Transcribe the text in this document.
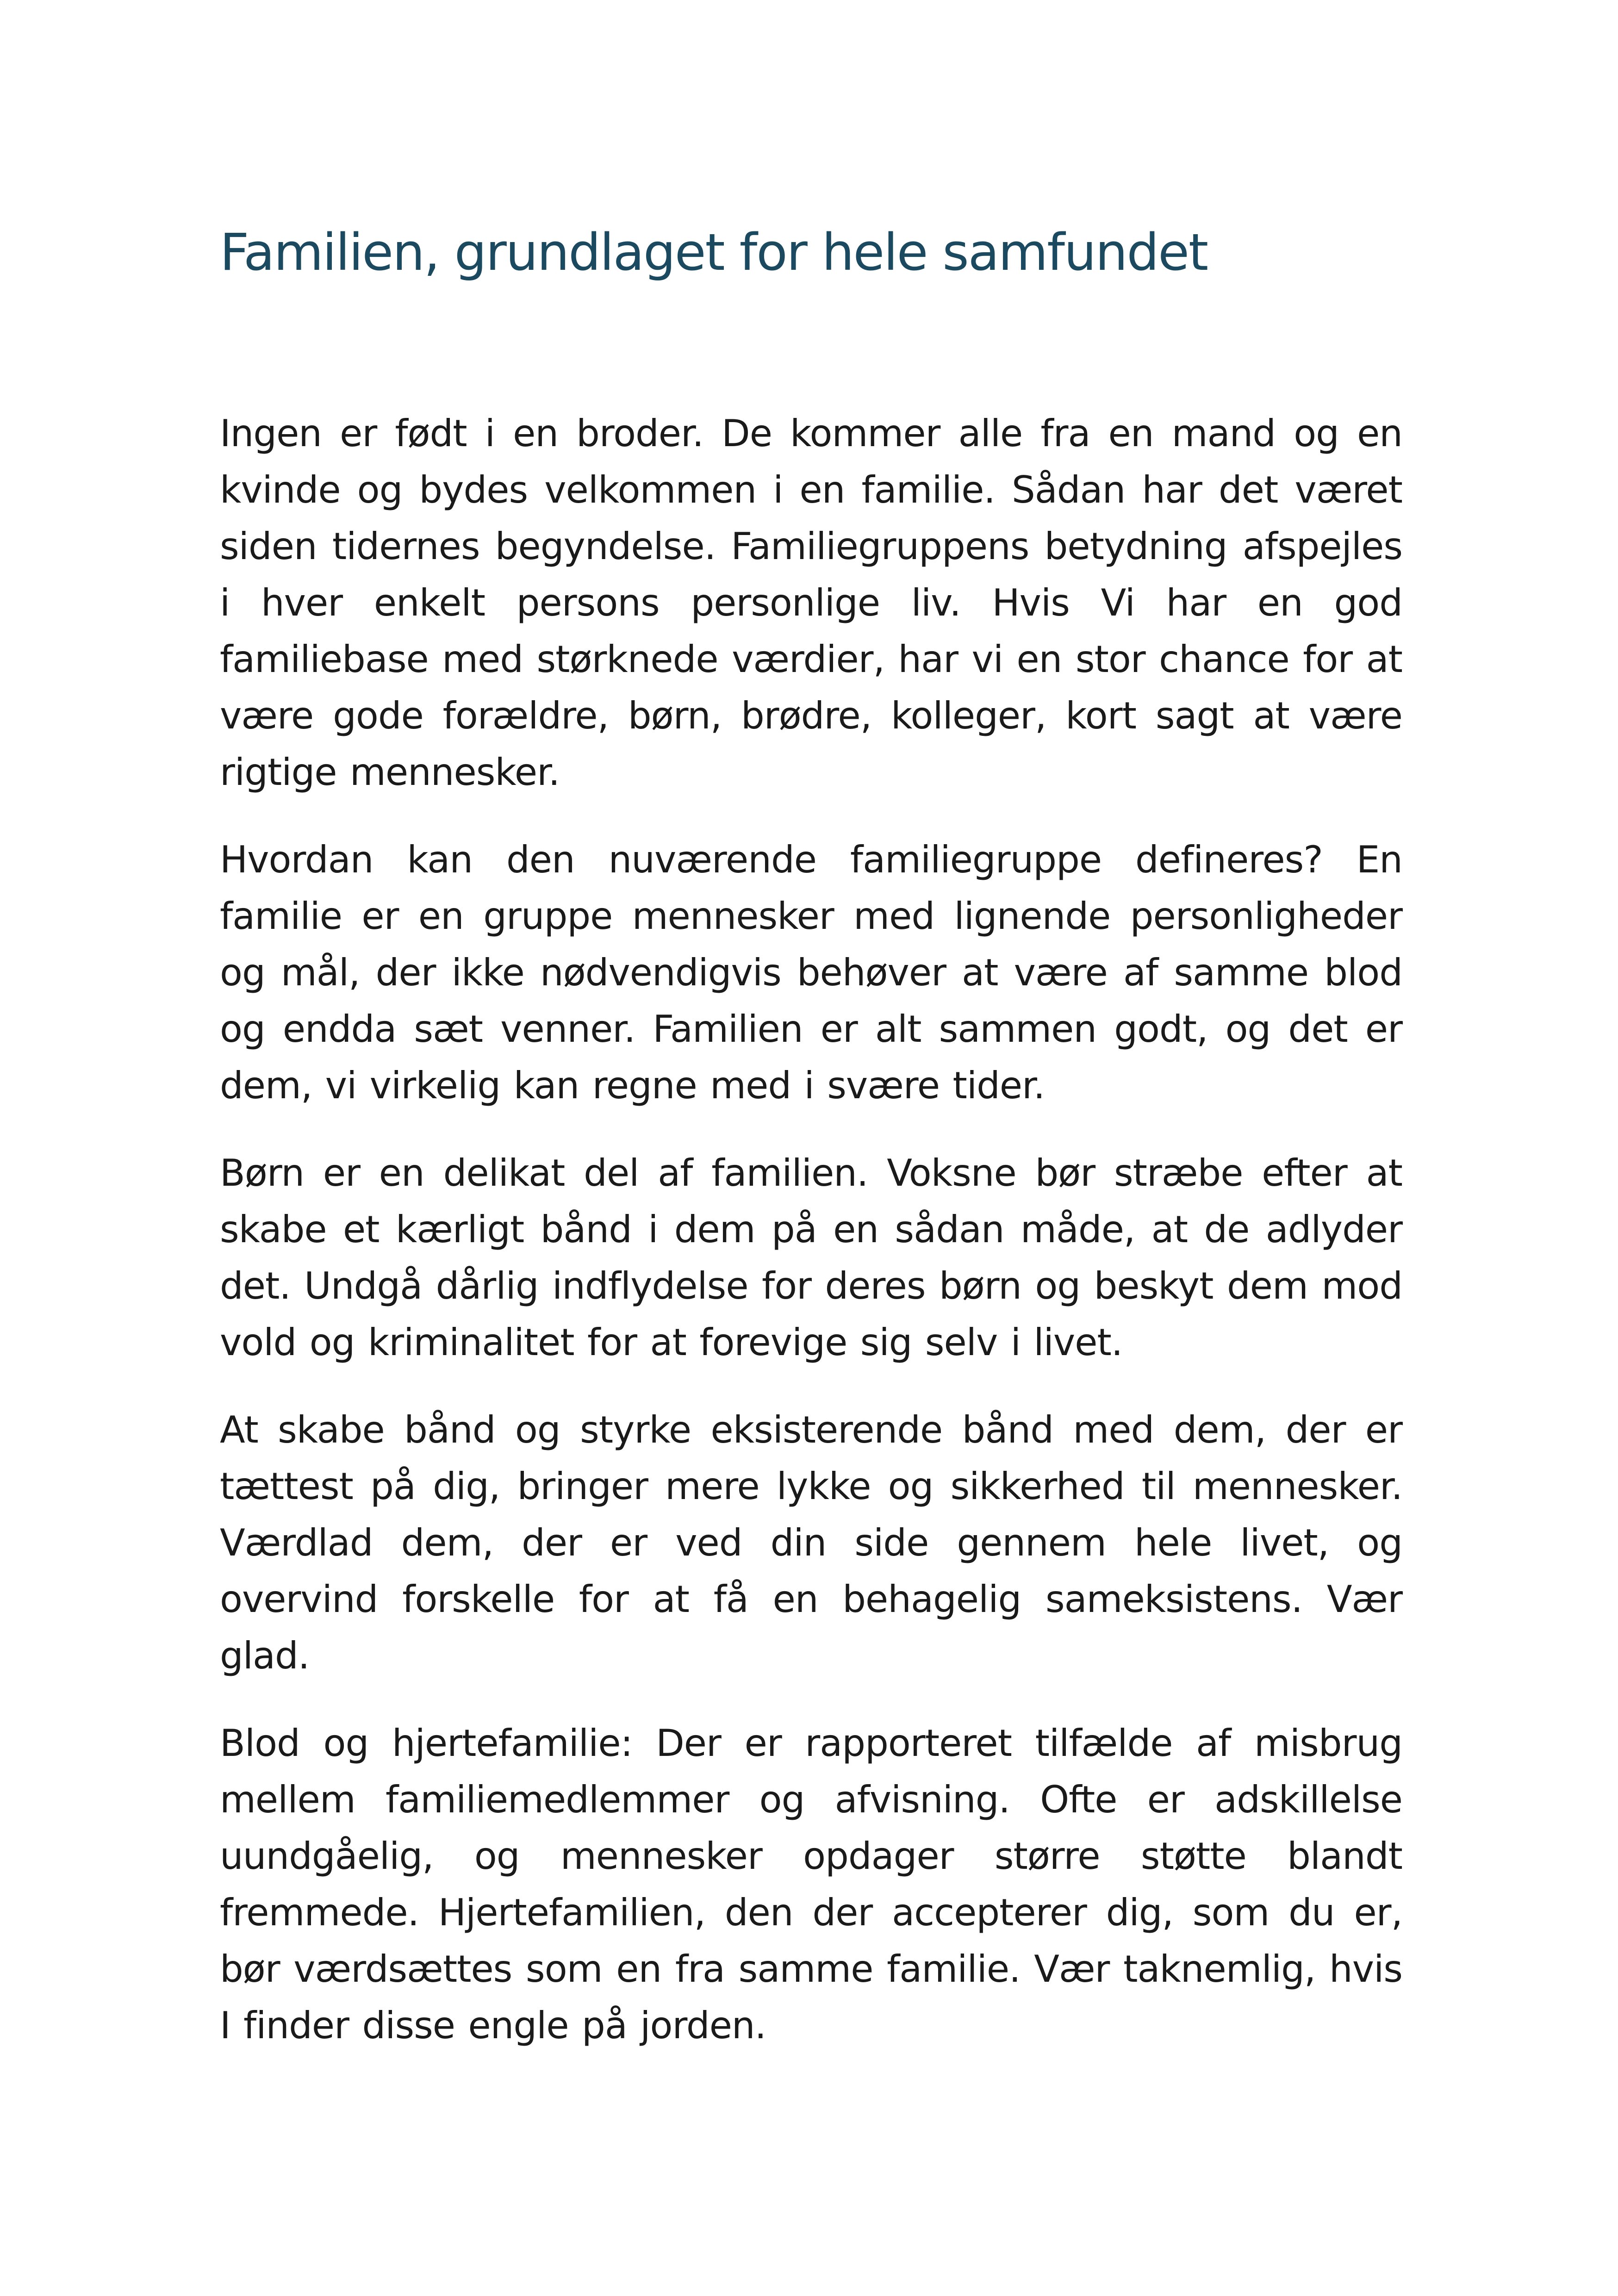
Familien, grundlaget for hele samfundet

Ingen er født i en broder. De kommer alle fra en mand og en kvinde og bydes velkommen i en familie. Sådan har det været siden tidernes begyndelse. Familiegruppens betydning afspejles i hver enkelt persons personlige liv. Hvis Vi har en god familiebase med størknede værdier, har vi en stor chance for at være gode forældre, børn, brødre, kolleger, kort sagt at være rigtige mennesker.

Hvordan kan den nuværende familiegruppe defineres? En familie er en gruppe mennesker med lignende personligheder og mål, der ikke nødvendigvis behøver at være af samme blod og endda sæt venner. Familien er alt sammen godt, og det er dem, vi virkelig kan regne med i svære tider.

Børn er en delikat del af familien. Voksne bør stræbe efter at skabe et kærligt bånd i dem på en sådan måde, at de adlyder det. Undgå dårlig indflydelse for deres børn og beskyt dem mod vold og kriminalitet for at forevige sig selv i livet.

At skabe bånd og styrke eksisterende bånd med dem, der er tættest på dig, bringer mere lykke og sikkerhed til mennesker. Værdlad dem, der er ved din side gennem hele livet, og overvind forskelle for at få en behagelig sameksistens. Vær glad.

Blod og hjertefamilie: Der er rapporteret tilfælde af misbrug mellem familiemedlemmer og afvisning. Ofte er adskillelse uundgåelig, og mennesker opdager større støtte blandt fremmede. Hjertefamilien, den der accepterer dig, som du er, bør værdsættes som en fra samme familie. Vær taknemlig, hvis I finder disse engle på jorden.
